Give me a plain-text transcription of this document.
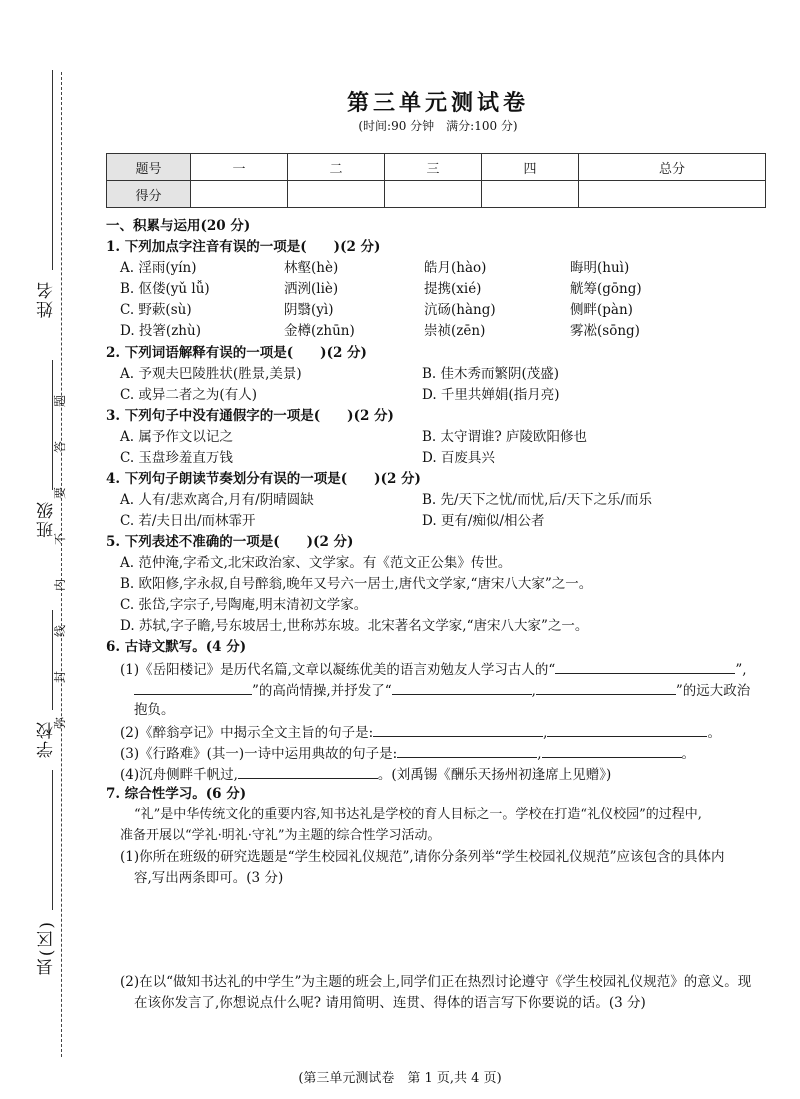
姓名
班级
学校
县(区)
题
答
要
不
内
线
封
弥
第三单元测试卷
(时间:90 分钟　满分:100 分)
题号	一	二	三	四	总分
得分					
一、积累与运用(20 分)
1. 下列加点字注音有误的一项是(　　)(2 分)
A. 淫雨(yín)	林壑(hè)	皓月(hào)	晦明(huì)
B. 伛偻(yǔ lǚ)	洒洌(liè)	提携(xié)	觥筹(gōng)
C. 野蔌(sù)	阴翳(yì)	沆砀(hàng)	侧畔(pàn)
D. 投箸(zhù)	金樽(zhūn)	崇祯(zēn)	雾凇(sōng)
2. 下列词语解释有误的一项是(　　)(2 分)
A. 予观夫巴陵胜状(胜景,美景)	B. 佳木秀而繁阴(茂盛)
C. 或异二者之为(有人)	D. 千里共婵娟(指月亮)
3. 下列句子中没有通假字的一项是(　　)(2 分)
A. 属予作文以记之	B. 太守谓谁? 庐陵欧阳修也
C. 玉盘珍羞直万钱	D. 百废具兴
4. 下列句子朗读节奏划分有误的一项是(　　)(2 分)
A. 人有/悲欢离合,月有/阴晴圆缺	B. 先/天下之忧/而忧,后/天下之乐/而乐
C. 若/夫日出/而林霏开	D. 更有/痴似/相公者
5. 下列表述不准确的一项是(　　)(2 分)
A. 范仲淹,字希文,北宋政治家、文学家。有《范文正公集》传世。
B. 欧阳修,字永叔,自号醉翁,晚年又号六一居士,唐代文学家,“唐宋八大家”之一。
C. 张岱,字宗子,号陶庵,明末清初文学家。
D. 苏轼,字子瞻,号东坡居士,世称苏东坡。北宋著名文学家,“唐宋八大家”之一。
6. 古诗文默写。(4 分)
(1)《岳阳楼记》是历代名篇,文章以凝练优美的语言劝勉友人学习古人的“	”,
”的高尚情操,并抒发了“	,	”的远大政治
抱负。
(2)《醉翁亭记》中揭示全文主旨的句子是:	,	。
(3)《行路难》(其一)一诗中运用典故的句子是:	,	。
(4)沉舟侧畔千帆过,	。(刘禹锡《酬乐天扬州初逢席上见赠》)
7. 综合性学习。(6 分)
“礼”是中华传统文化的重要内容,知书达礼是学校的育人目标之一。学校在打造“礼仪校园”的过程中,
准备开展以“学礼·明礼·守礼”为主题的综合性学习活动。
(1)你所在班级的研究选题是“学生校园礼仪规范”,请你分条列举“学生校园礼仪规范”应该包含的具体内
容,写出两条即可。(3 分)
(2)在以“做知书达礼的中学生”为主题的班会上,同学们正在热烈讨论遵守《学生校园礼仪规范》的意义。现
在该你发言了,你想说点什么呢? 请用简明、连贯、得体的语言写下你要说的话。(3 分)
(第三单元测试卷　第 1 页,共 4 页)
